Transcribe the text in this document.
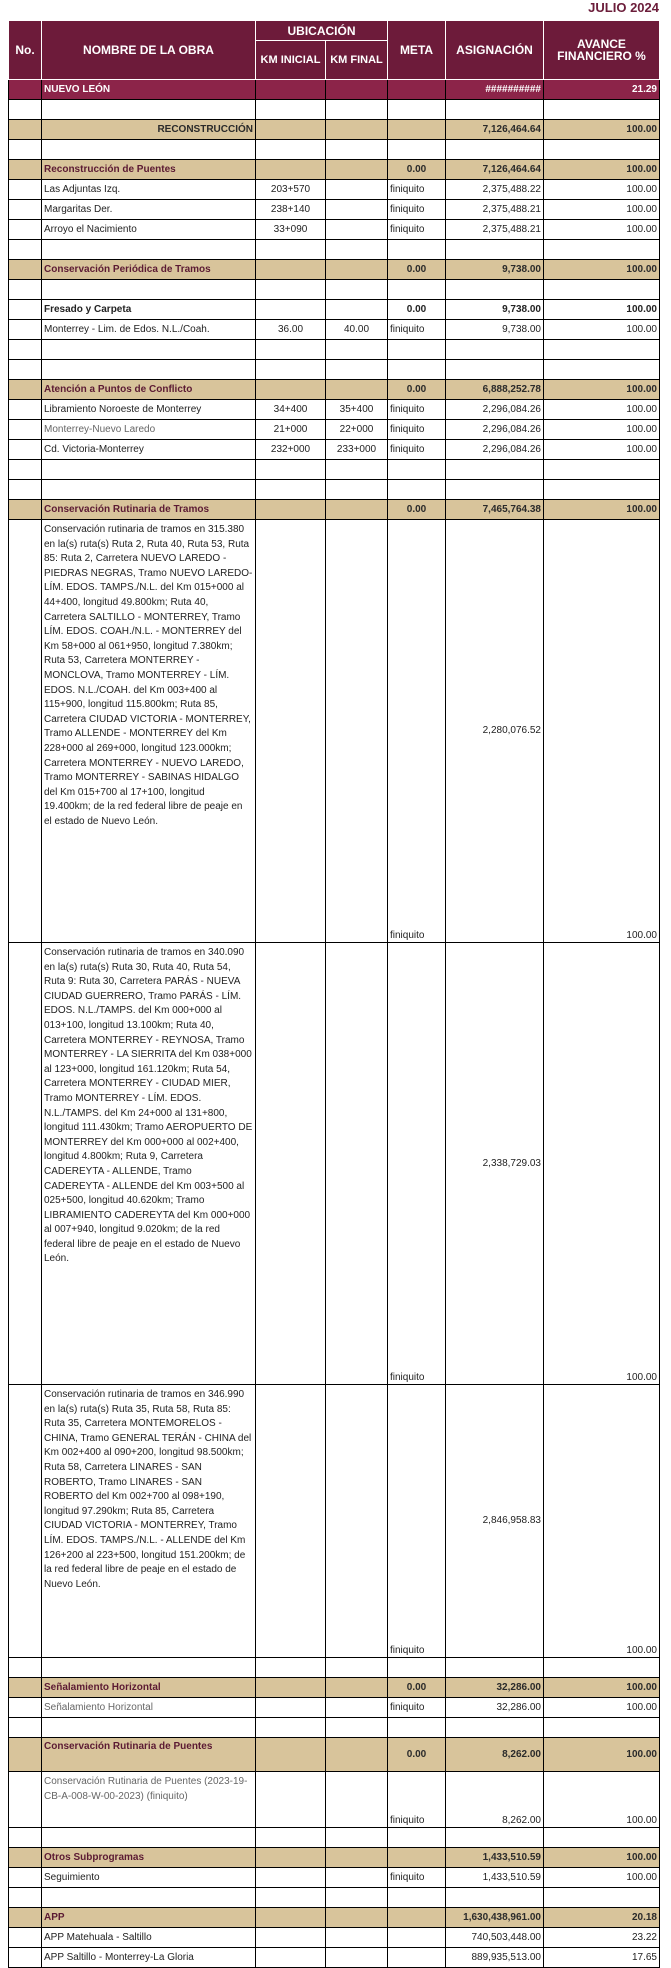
JULIO 2024
No.	NOMBRE DE LA OBRA	UBICACIÓN		META	ASIGNACIÓN	AVANCE FINANCIERO %
		KM INICIAL	KM FINAL			
	NUEVO LEÓN				##########	21.29

	RECONSTRUCCIÓN				7,126,464.64	100.00

	Reconstrucción de Puentes			0.00	7,126,464.64	100.00
	Las Adjuntas Izq.	203+570		finiquito	2,375,488.22	100.00
	Margaritas Der.	238+140		finiquito	2,375,488.21	100.00
	Arroyo el Nacimiento	33+090		finiquito	2,375,488.21	100.00

	Conservación Periódica de Tramos			0.00	9,738.00	100.00

	Fresado y Carpeta			0.00	9,738.00	100.00
	Monterrey - Lim. de Edos. N.L./Coah.	36.00	40.00	finiquito	9,738.00	100.00

	Atención a Puntos de Conflicto			0.00	6,888,252.78	100.00
	Libramiento Noroeste de Monterrey	34+400	35+400	finiquito	2,296,084.26	100.00
	Monterrey-Nuevo Laredo	21+000	22+000	finiquito	2,296,084.26	100.00
	Cd. Victoria-Monterrey	232+000	233+000	finiquito	2,296,084.26	100.00

	Conservación Rutinaria de Tramos			0.00	7,465,764.38	100.00
	Conservación rutinaria de tramos en 315.380 en la(s) ruta(s) Ruta 2, Ruta 40, Ruta 53, Ruta 85: Ruta 2, Carretera NUEVO LAREDO - PIEDRAS NEGRAS, Tramo NUEVO LAREDO-LÍM. EDOS. TAMPS./N.L. del Km 015+000 al 44+400, longitud 49.800km; Ruta 40, Carretera SALTILLO - MONTERREY, Tramo LÍM. EDOS. COAH./N.L. - MONTERREY del Km 58+000 al 061+950, longitud 7.380km; Ruta 53, Carretera MONTERREY - MONCLOVA, Tramo MONTERREY - LÍM. EDOS. N.L./COAH. del Km 003+400 al 115+900, longitud 115.800km; Ruta 85, Carretera CIUDAD VICTORIA - MONTERREY, Tramo ALLENDE - MONTERREY del Km 228+000 al 269+000, longitud 123.000km; Carretera MONTERREY - NUEVO LAREDO, Tramo MONTERREY - SABINAS HIDALGO del Km 015+700 al 17+100, longitud 19.400km; de la red federal libre de peaje en el estado de Nuevo León.			finiquito	2,280,076.52	100.00
	Conservación rutinaria de tramos en 340.090 en la(s) ruta(s) Ruta 30, Ruta 40, Ruta 54, Ruta 9: Ruta 30, Carretera PARÁS - NUEVA CIUDAD GUERRERO, Tramo PARÁS - LÍM. EDOS. N.L./TAMPS. del Km 000+000 al 013+100, longitud 13.100km; Ruta 40, Carretera MONTERREY - REYNOSA, Tramo MONTERREY - LA SIERRITA del Km 038+000 al 123+000, longitud 161.120km; Ruta 54, Carretera MONTERREY - CIUDAD MIER, Tramo MONTERREY - LÍM. EDOS. N.L./TAMPS. del Km 24+000 al 131+800, longitud 111.430km; Tramo AEROPUERTO DE MONTERREY del Km 000+000 al 002+400, longitud 4.800km; Ruta 9, Carretera CADEREYTA - ALLENDE, Tramo CADEREYTA - ALLENDE del Km 003+500 al 025+500, longitud 40.620km; Tramo LIBRAMIENTO CADEREYTA del Km 000+000 al 007+940, longitud 9.020km; de la red federal libre de peaje en el estado de Nuevo León.			finiquito	2,338,729.03	100.00
	Conservación rutinaria de tramos en 346.990 en la(s) ruta(s) Ruta 35, Ruta 58, Ruta 85: Ruta 35, Carretera MONTEMORELOS - CHINA, Tramo GENERAL TERÁN - CHINA del Km 002+400 al 090+200, longitud 98.500km; Ruta 58, Carretera LINARES - SAN ROBERTO, Tramo LINARES - SAN ROBERTO del Km 002+700 al 098+190, longitud 97.290km; Ruta 85, Carretera CIUDAD VICTORIA - MONTERREY, Tramo LÍM. EDOS. TAMPS./N.L. - ALLENDE del Km 126+200 al 223+500, longitud 151.200km; de la red federal libre de peaje en el estado de Nuevo León.			finiquito	2,846,958.83	100.00

	Señalamiento Horizontal			0.00	32,286.00	100.00
	Señalamiento Horizontal			finiquito	32,286.00	100.00

	Conservación Rutinaria de Puentes			0.00	8,262.00	100.00
	Conservación Rutinaria de Puentes (2023-19-CB-A-008-W-00-2023) (finiquito)			finiquito	8,262.00	100.00

	Otros Subprogramas				1,433,510.59	100.00
	Seguimiento			finiquito	1,433,510.59	100.00

	APP				1,630,438,961.00	20.18
	APP Matehuala - Saltillo				740,503,448.00	23.22
	APP Saltillo - Monterrey-La Gloria				889,935,513.00	17.65
